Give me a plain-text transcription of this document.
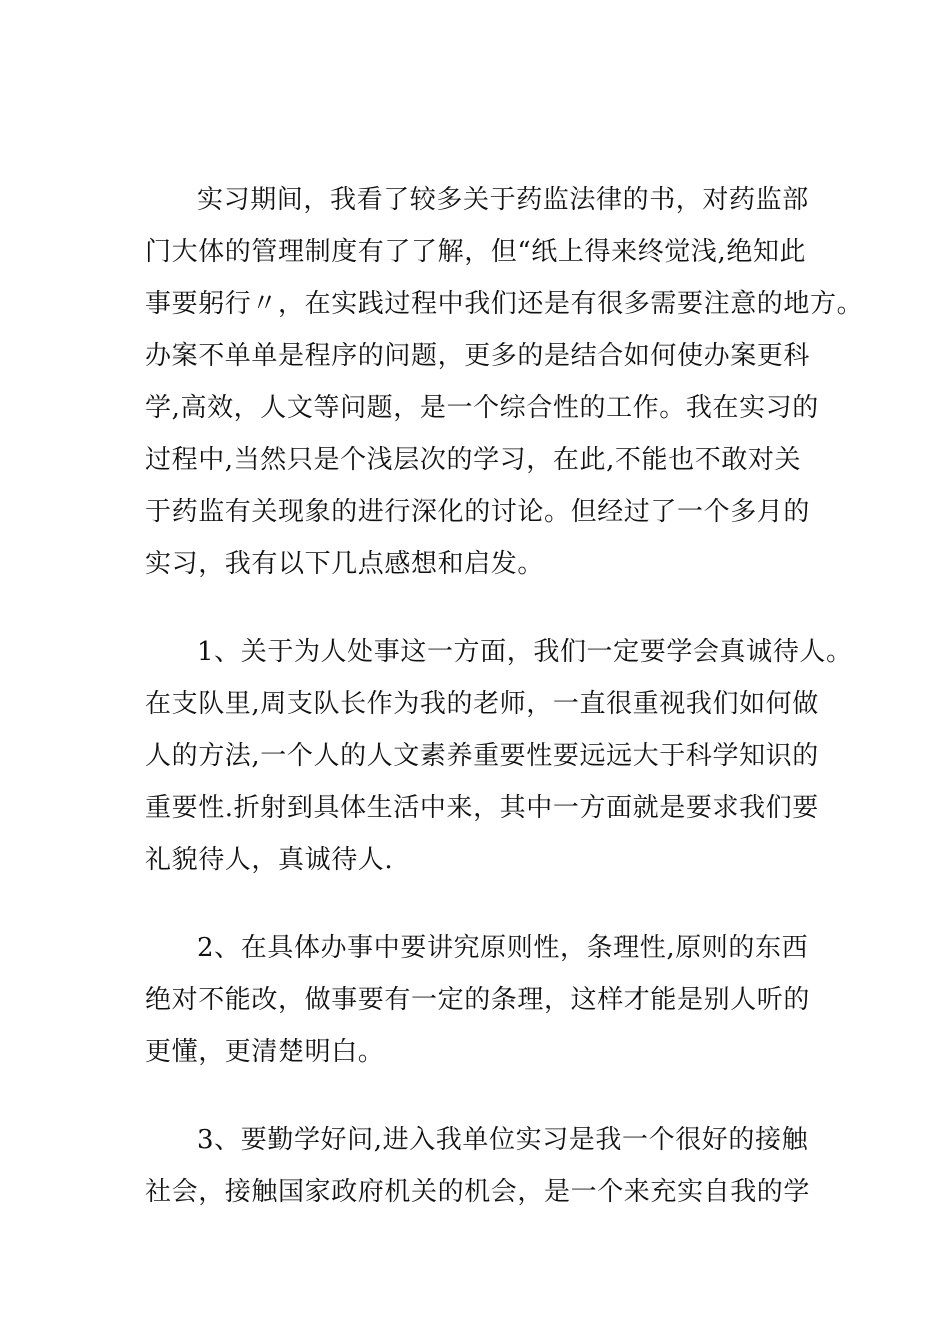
实习期间，我看了较多关于药监法律的书，对药监部
门大体的管理制度有了了解，但“纸上得来终觉浅,绝知此
事要躬行〃，在实践过程中我们还是有很多需要注意的地方。
办案不单单是程序的问题，更多的是结合如何使办案更科
学,高效，人文等问题，是一个综合性的工作。我在实习的
过程中,当然只是个浅层次的学习，在此,不能也不敢对关
于药监有关现象的进行深化的讨论。但经过了一个多月的
实习，我有以下几点感想和启发。
1、关于为人处事这一方面，我们一定要学会真诚待人。
在支队里,周支队长作为我的老师，一直很重视我们如何做
人的方法,一个人的人文素养重要性要远远大于科学知识的
重要性.折射到具体生活中来，其中一方面就是要求我们要
礼貌待人，真诚待人.
2、在具体办事中要讲究原则性，条理性,原则的东西
绝对不能改，做事要有一定的条理，这样才能是别人听的
更懂，更清楚明白。
3、要勤学好问,进入我单位实习是我一个很好的接触
社会，接触国家政府机关的机会，是一个来充实自我的学
